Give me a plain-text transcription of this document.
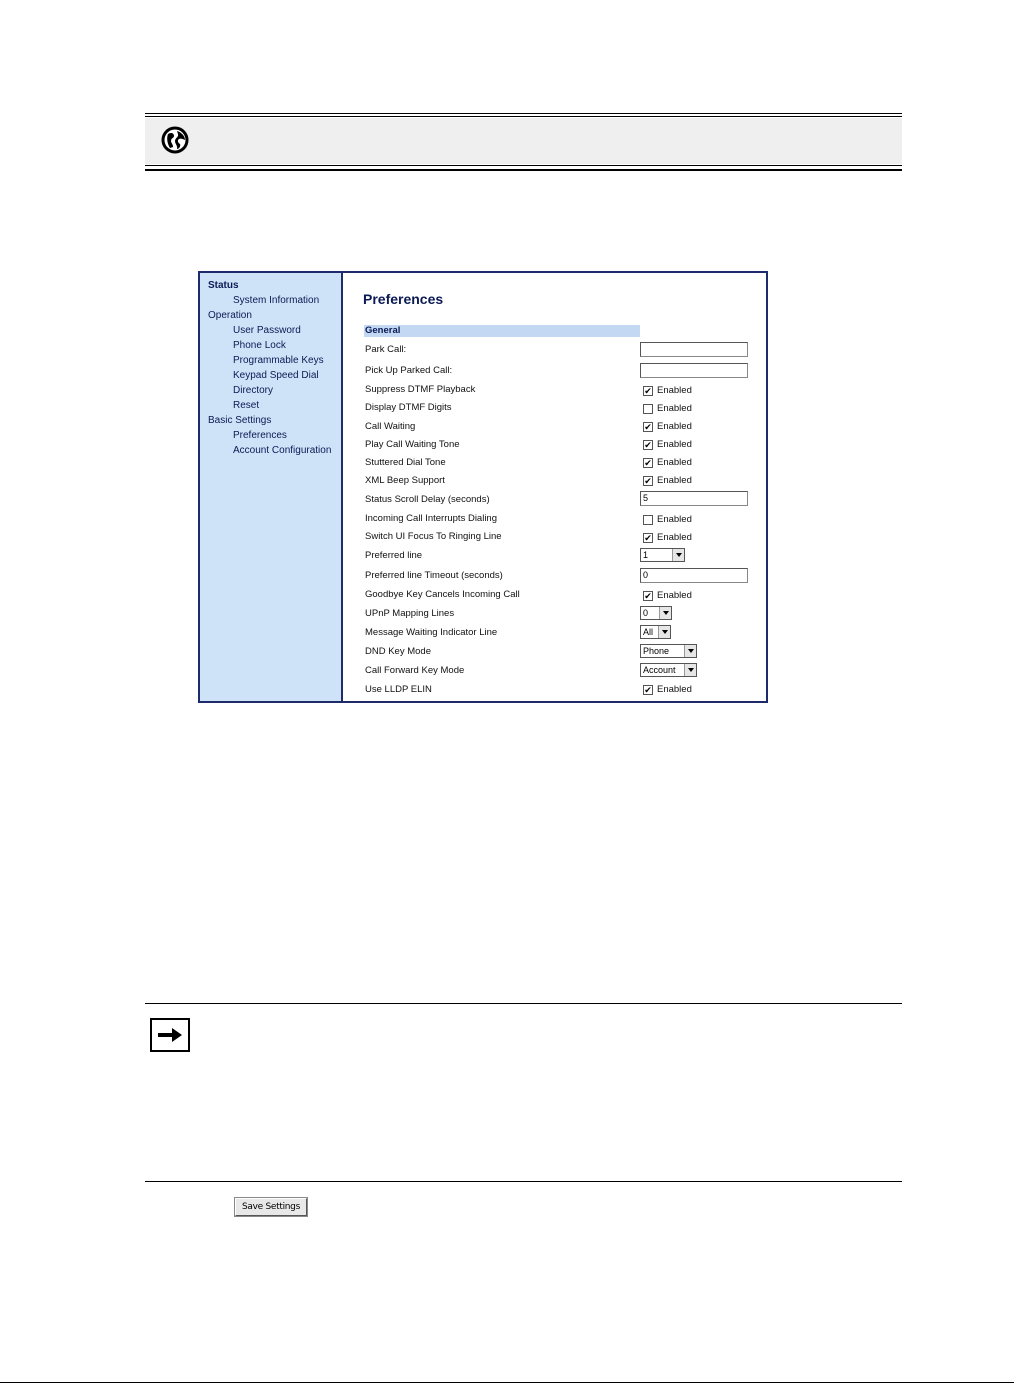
Status
System Information
Operation
User Password
Phone Lock
Programmable Keys
Keypad Speed Dial
Directory
Reset
Basic Settings
Preferences
Account Configuration
Preferences
General
Park Call:
Pick Up Parked Call:
Suppress DTMF Playback	✔ Enabled
Display DTMF Digits	Enabled
Call Waiting	✔ Enabled
Play Call Waiting Tone	✔ Enabled
Stuttered Dial Tone	✔ Enabled
XML Beep Support	✔ Enabled
Status Scroll Delay (seconds)	5
Incoming Call Interrupts Dialing	Enabled
Switch UI Focus To Ringing Line	✔ Enabled
Preferred line	1
Preferred line Timeout (seconds)	0
Goodbye Key Cancels Incoming Call	✔ Enabled
UPnP Mapping Lines	0
Message Waiting Indicator Line	All
DND Key Mode	Phone
Call Forward Key Mode	Account
Use LLDP ELIN	✔ Enabled
Save Settings
